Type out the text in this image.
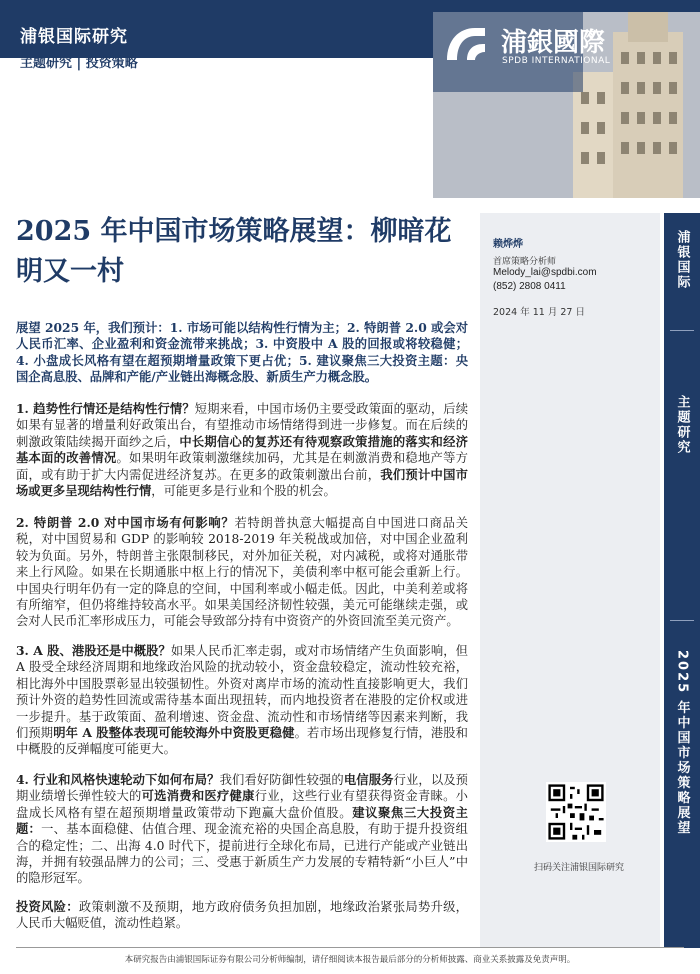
浦银国际研究
主题研究 | 投资策略
浦銀國際
SPDB INTERNATIONAL
2025 年中国市场策略展望：柳暗花明又一村
赖烨烨
首席策略分析师
Melody_lai@spdbi.com
(852) 2808 0411
2024 年 11 月 27 日
扫码关注浦银国际研究
浦银国际
主题研究
2025 年中国市场策略展望
展望 2025 年，我们预计：1. 市场可能以结构性行情为主；2. 特朗普 2.0 或会对人民币汇率、企业盈利和资金流带来挑战；3. 中资股中 A 股的回报或将较稳健；4. 小盘成长风格有望在超预期增量政策下更占优；5. 建议聚焦三大投资主题：央国企高息股、品牌和产能/产业链出海概念股、新质生产力概念股。
1. 趋势性行情还是结构性行情？短期来看，中国市场仍主要受政策面的驱动，后续如果有显著的增量利好政策出台，有望推动市场情绪得到进一步修复。而在后续的刺激政策陆续揭开面纱之后，中长期信心的复苏还有待观察政策措施的落实和经济基本面的改善情况。如果明年政策刺激继续加码，尤其是在刺激消费和稳地产等方面，或有助于扩大内需促进经济复苏。在更多的政策刺激出台前，我们预计中国市场或更多呈现结构性行情，可能更多是行业和个股的机会。
2. 特朗普 2.0 对中国市场有何影响？若特朗普执意大幅提高自中国进口商品关税，对中国贸易和 GDP 的影响较 2018-2019 年关税战或加倍，对中国企业盈利较为负面。另外，特朗普主张限制移民，对外加征关税，对内减税，或将对通胀带来上行风险。如果在长期通胀中枢上行的情况下，美债利率中枢可能会重新上行。中国央行明年仍有一定的降息的空间，中国利率或小幅走低。因此，中美利差或将有所缩窄，但仍将维持较高水平。如果美国经济韧性较强，美元可能继续走强，或会对人民币汇率形成压力，可能会导致部分持有中资资产的外资回流至美元资产。
3. A 股、港股还是中概股？如果人民币汇率走弱，或对市场情绪产生负面影响，但 A 股受全球经济周期和地缘政治风险的扰动较小，资金盘较稳定，流动性较充裕，相比海外中国股票彰显出较强韧性。外资对离岸市场的流动性直接影响更大，我们预计外资的趋势性回流或需待基本面出现扭转，而内地投资者在港股的定价权或进一步提升。基于政策面、盈利增速、资金盘、流动性和市场情绪等因素来判断，我们预期明年 A 股整体表现可能较海外中资股更稳健。若市场出现修复行情，港股和中概股的反弹幅度可能更大。
4. 行业和风格快速轮动下如何布局？我们看好防御性较强的电信服务行业，以及预期业绩增长弹性较大的可选消费和医疗健康行业，这些行业有望获得资金青睐。小盘成长风格有望在超预期增量政策带动下跑赢大盘价值股。建议聚焦三大投资主题：一、基本面稳健、估值合理、现金流充裕的央国企高息股，有助于提升投资组合的稳定性；二、出海 4.0 时代下，提前进行全球化布局，已进行产能或产业链出海，并拥有较强品牌力的公司；三、受惠于新质生产力发展的专精特新“小巨人”中的隐形冠军。
投资风险：政策刺激不及预期，地方政府债务负担加剧，地缘政治紧张局势升级，人民币大幅贬值，流动性趋紧。
本研究报告由浦银国际证券有限公司分析师编制，请仔细阅读本报告最后部分的分析师披露、商业关系披露及免责声明。
